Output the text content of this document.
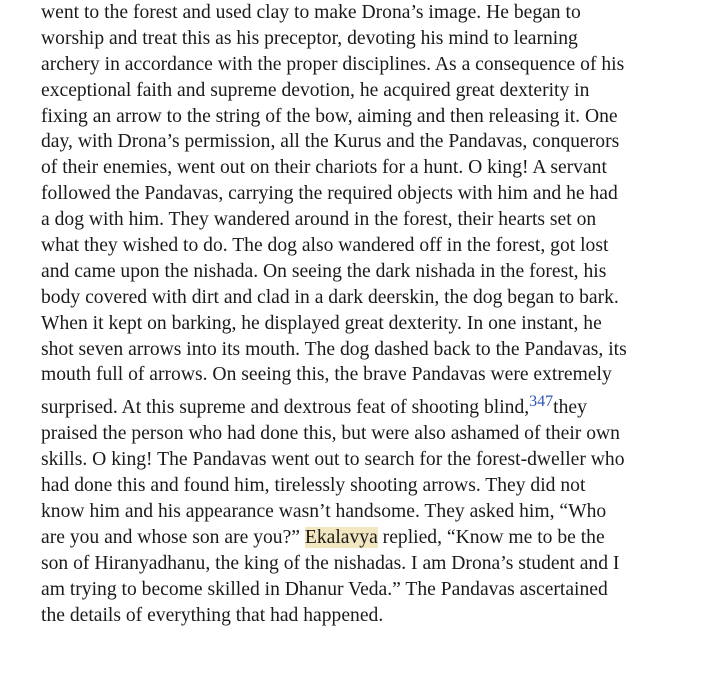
went to the forest and used clay to make Drona’s image. He began to
worship and treat this as his preceptor, devoting his mind to learning
archery in accordance with the proper disciplines. As a consequence of his
exceptional faith and supreme devotion, he acquired great dexterity in
fixing an arrow to the string of the bow, aiming and then releasing it. One
day, with Drona’s permission, all the Kurus and the Pandavas, conquerors
of their enemies, went out on their chariots for a hunt. O king! A servant
followed the Pandavas, carrying the required objects with him and he had
a dog with him. They wandered around in the forest, their hearts set on
what they wished to do. The dog also wandered off in the forest, got lost
and came upon the nishada. On seeing the dark nishada in the forest, his
body covered with dirt and clad in a dark deerskin, the dog began to bark.
When it kept on barking, he displayed great dexterity. In one instant, he
shot seven arrows into its mouth. The dog dashed back to the Pandavas, its
mouth full of arrows. On seeing this, the brave Pandavas were extremely
surprised. At this supreme and dextrous feat of shooting blind,$^{347}$they
praised the person who had done this, but were also ashamed of their own
skills. O king! The Pandavas went out to search for the forest-dweller who
had done this and found him, tirelessly shooting arrows. They did not
know him and his appearance wasn’t handsome. They asked him, “Who
are you and whose son are you?” Ekalavya replied, “Know me to be the
son of Hiranyadhanu, the king of the nishadas. I am Drona’s student and I
am trying to become skilled in Dhanur Veda.” The Pandavas ascertained
the details of everything that had happened.
